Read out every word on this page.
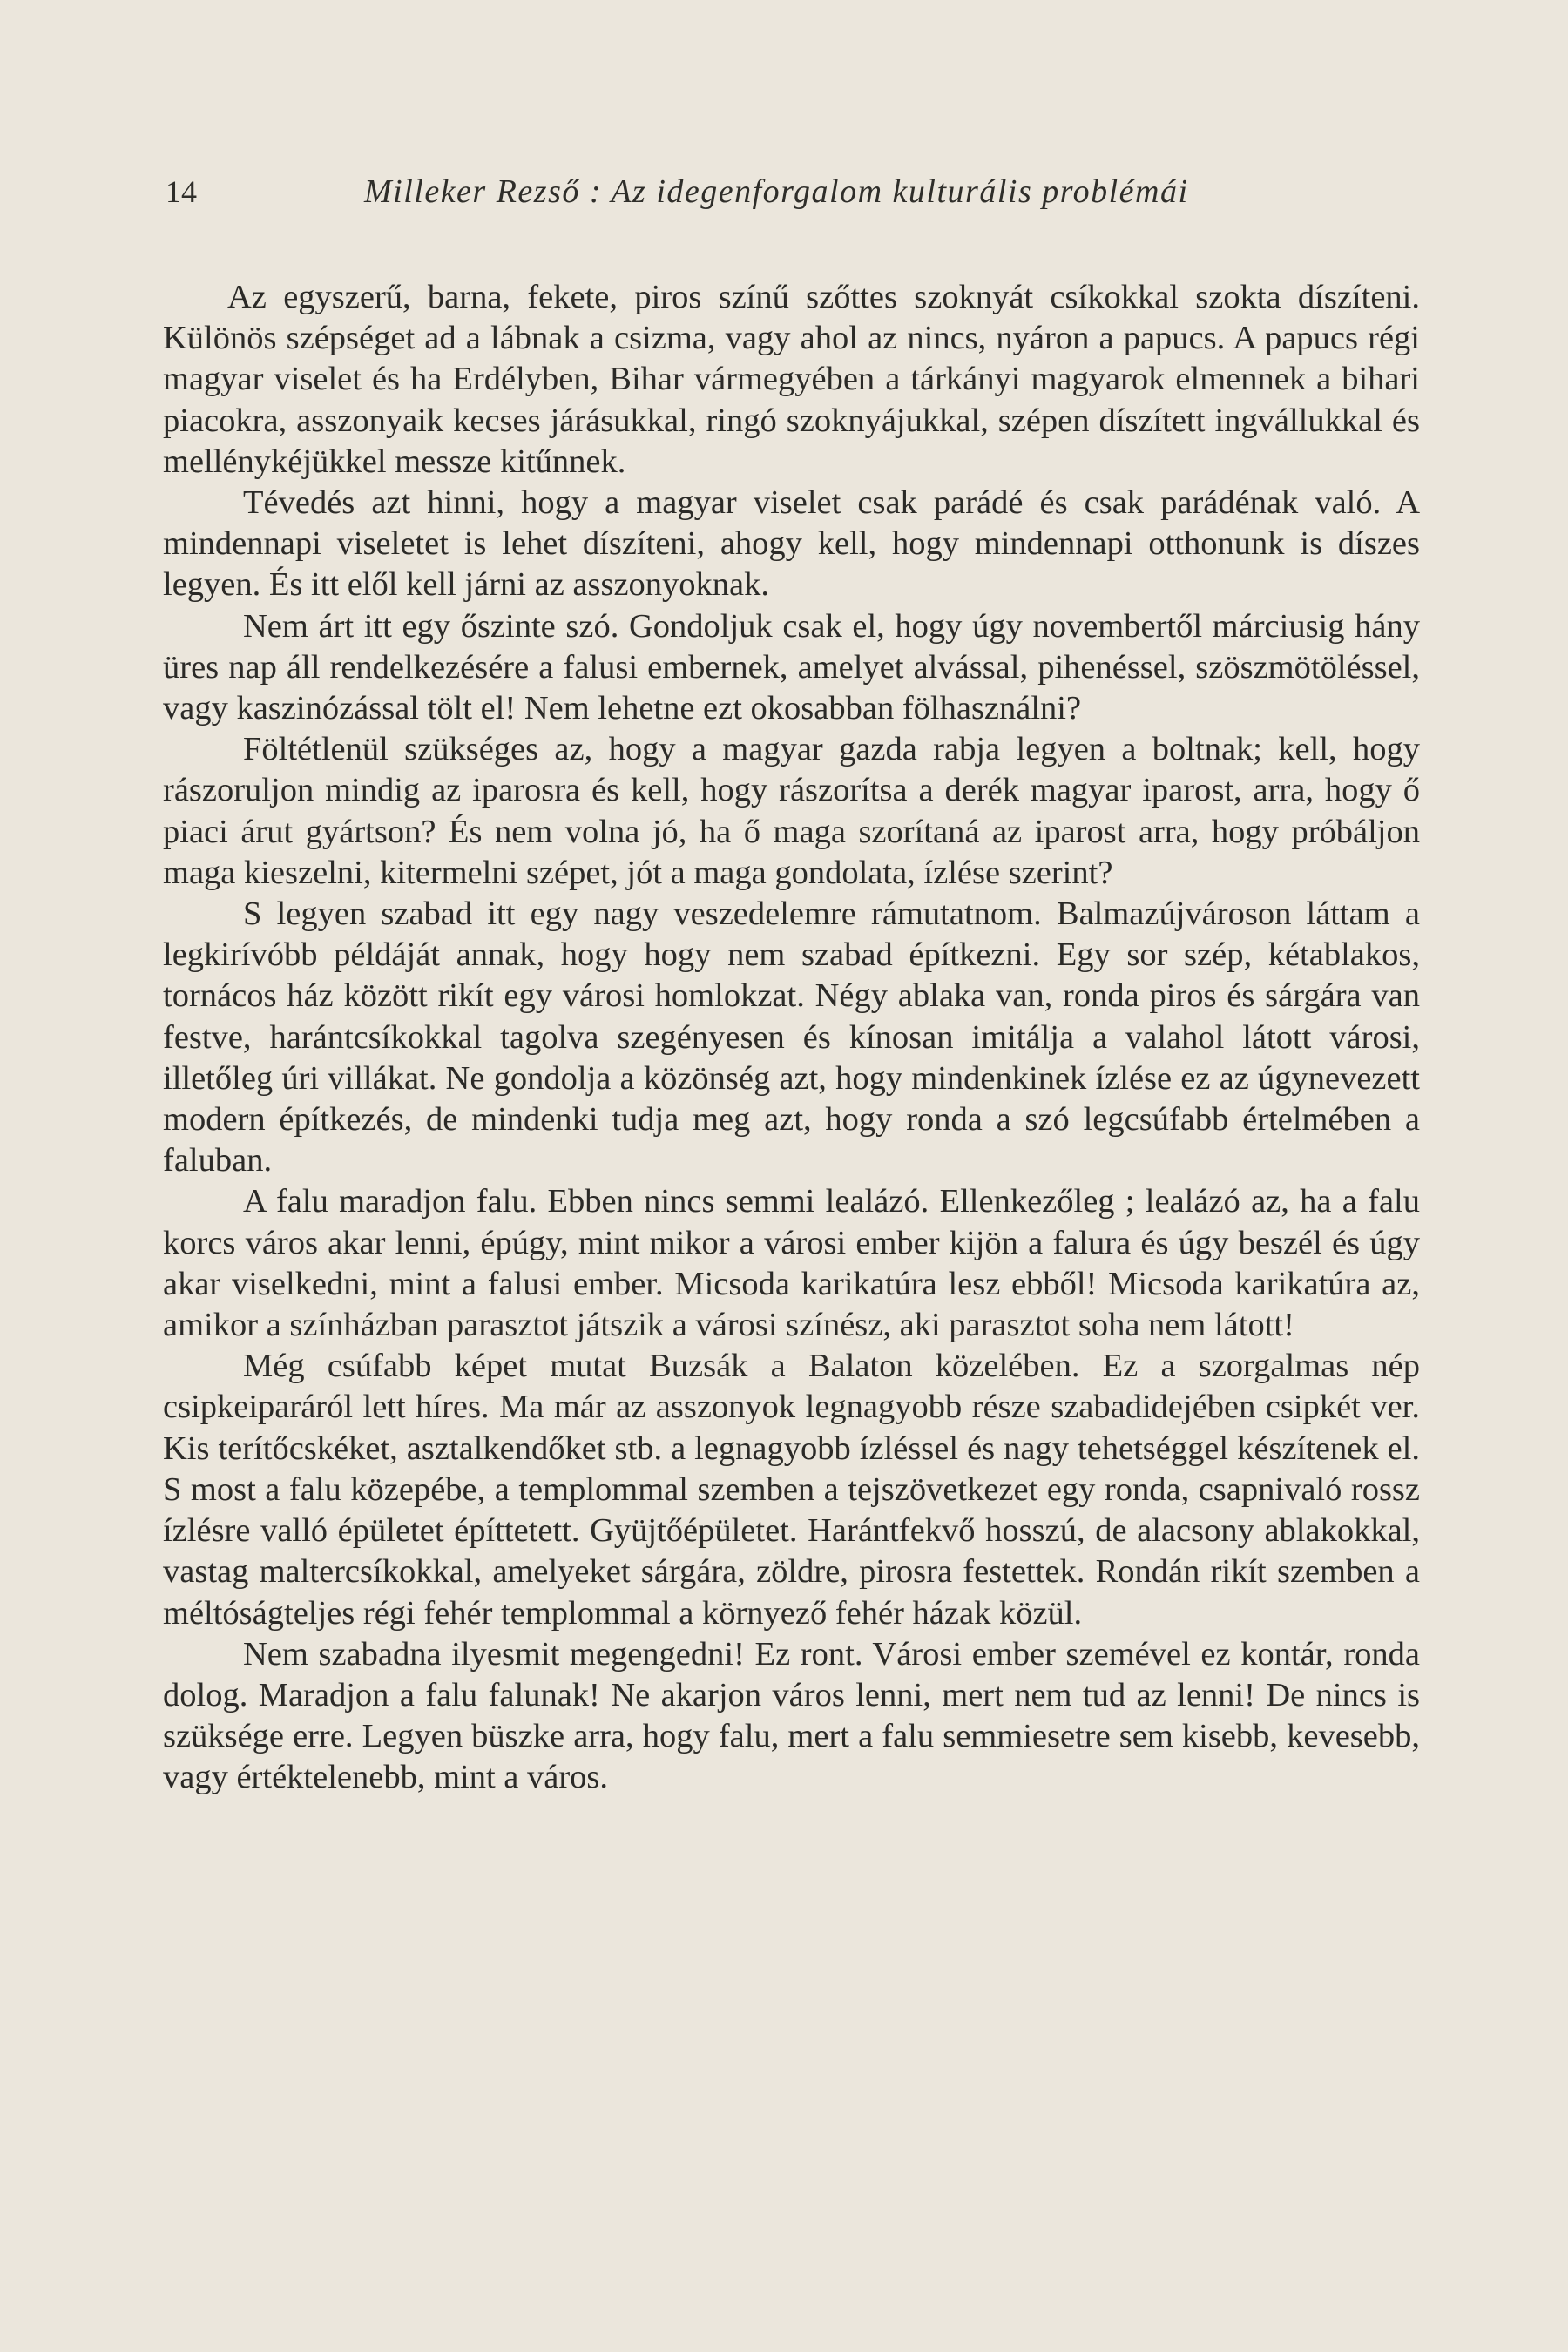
14	Milleker Rezső : Az idegenforgalom kulturális problémái

Az egyszerű, barna, fekete, piros színű szőttes szoknyát csíkokkal szokta díszíteni. Különös szépséget ad a lábnak a csizma, vagy ahol az nincs, nyáron a papucs. A papucs régi magyar viselet és ha Erdélyben, Bihar vármegyében a tárkányi magyarok elmennek a bihari piacokra, asszonyaik kecses járásukkal, ringó szoknyájukkal, szépen díszített ingvállukkal és mellénykéjükkel messze kitűnnek.

Tévedés azt hinni, hogy a magyar viselet csak parádé és csak parádénak való. A mindennapi viseletet is lehet díszíteni, ahogy kell, hogy mindennapi otthonunk is díszes legyen. És itt elől kell járni az asszonyoknak.

Nem árt itt egy őszinte szó. Gondoljuk csak el, hogy úgy novembertől márciusig hány üres nap áll rendelkezésére a falusi embernek, amelyet alvással, pihenéssel, szöszmötöléssel, vagy kaszinózással tölt el! Nem lehetne ezt okosabban fölhasználni?

Föltétlenül szükséges az, hogy a magyar gazda rabja legyen a boltnak; kell, hogy rászoruljon mindig az iparosra és kell, hogy rászorítsa a derék magyar iparost, arra, hogy ő piaci árut gyártson? És nem volna jó, ha ő maga szorítaná az iparost arra, hogy próbáljon maga kieszelni, kitermelni szépet, jót a maga gondolata, ízlése szerint?

S legyen szabad itt egy nagy veszedelemre rámutatnom. Balmazújvároson láttam a legkirívóbb példáját annak, hogy hogy nem szabad építkezni. Egy sor szép, kétablakos, tornácos ház között rikít egy városi homlokzat. Négy ablaka van, ronda piros és sárgára van festve, harántcsíkokkal tagolva szegényesen és kínosan imitálja a valahol látott városi, illetőleg úri villákat. Ne gondolja a közönség azt, hogy mindenkinek ízlése ez az úgynevezett modern építkezés, de mindenki tudja meg azt, hogy ronda a szó legcsúfabb értelmében a faluban.

A falu maradjon falu. Ebben nincs semmi lealázó. Ellenkezőleg ; lealázó az, ha a falu korcs város akar lenni, épúgy, mint mikor a városi ember kijön a falura és úgy beszél és úgy akar viselkedni, mint a falusi ember. Micsoda karikatúra lesz ebből! Micsoda karikatúra az, amikor a színházban parasztot játszik a városi színész, aki parasztot soha nem látott!

Még csúfabb képet mutat Buzsák a Balaton közelében. Ez a szorgalmas nép csipkeiparáról lett híres. Ma már az asszonyok legnagyobb része szabadidejében csipkét ver. Kis terítőcskéket, asztalkendőket stb. a legnagyobb ízléssel és nagy tehetséggel készítenek el. S most a falu közepébe, a templommal szemben a tejszövetkezet egy ronda, csapnivaló rossz ízlésre valló épületet építtetett. Gyüjtőépületet. Harántfekvő hosszú, de alacsony ablakokkal, vastag maltercsíkokkal, amelyeket sárgára, zöldre, pirosra festettek. Rondán rikít szemben a méltóságteljes régi fehér templommal a környező fehér házak közül.

Nem szabadna ilyesmit megengedni! Ez ront. Városi ember szemével ez kontár, ronda dolog. Maradjon a falu falunak! Ne akarjon város lenni, mert nem tud az lenni! De nincs is szüksége erre. Legyen büszke arra, hogy falu, mert a falu semmiesetre sem kisebb, kevesebb, vagy értéktelenebb, mint a város.
